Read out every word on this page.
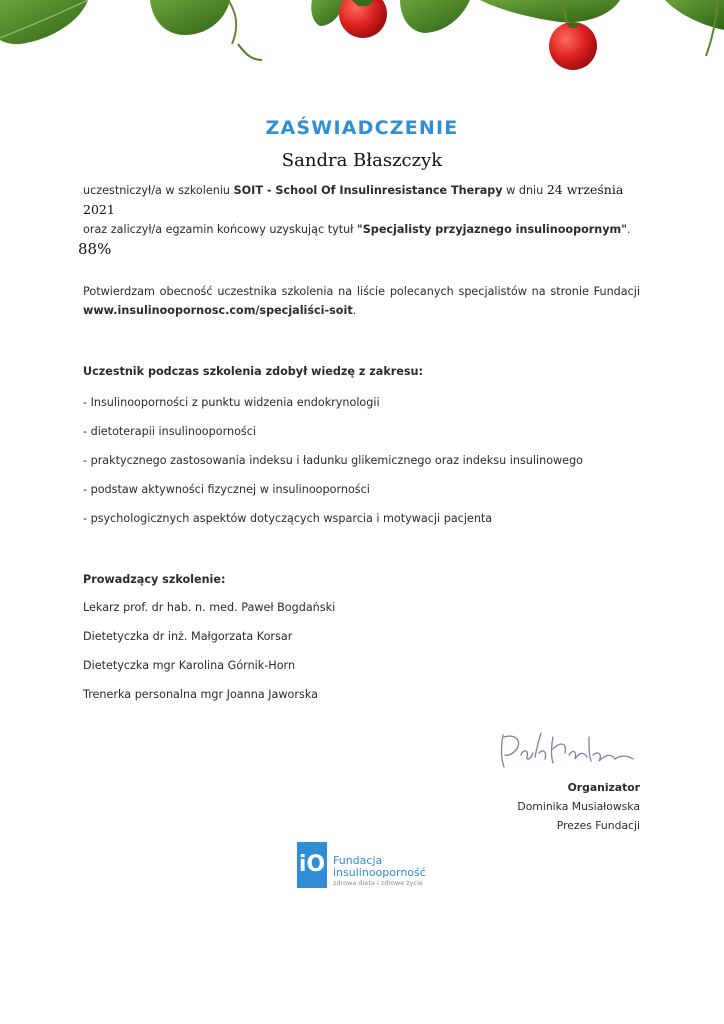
ZAŚWIADCZENIE
Sandra Błaszczyk
uczestniczył/a w szkoleniu SOIT - School Of Insulinresistance Therapy w dniu 24 września 2021
oraz zaliczył/a egzamin końcowy uzyskując tytuł "Specjalisty przyjaznego insulinoopornym".
88%
Potwierdzam obecność uczestnika szkolenia na liście polecanych specjalistów na stronie Fundacji www.insulinoopornosc.com/specjaliści-soit.
Uczestnik podczas szkolenia zdobył wiedzę z zakresu:
- Insulinooporności z punktu widzenia endokrynologii
- dietoterapii insulinooporności
- praktycznego zastosowania indeksu i ładunku glikemicznego oraz indeksu insulinowego
- podstaw aktywności fizycznej w insulinooporności
- psychologicznych aspektów dotyczących wsparcia i motywacji pacjenta
Prowadzący szkolenie:
Lekarz prof. dr hab. n. med. Paweł Bogdański
Dietetyczka dr inż. Małgorzata Korsar
Dietetyczka mgr Karolina Górnik-Horn
Trenerka personalna mgr Joanna Jaworska
Organizator
Dominika Musiałowska
Prezes Fundacji
iO Fundacja
insulinooporność
zdrowa dieta i zdrowe życie
